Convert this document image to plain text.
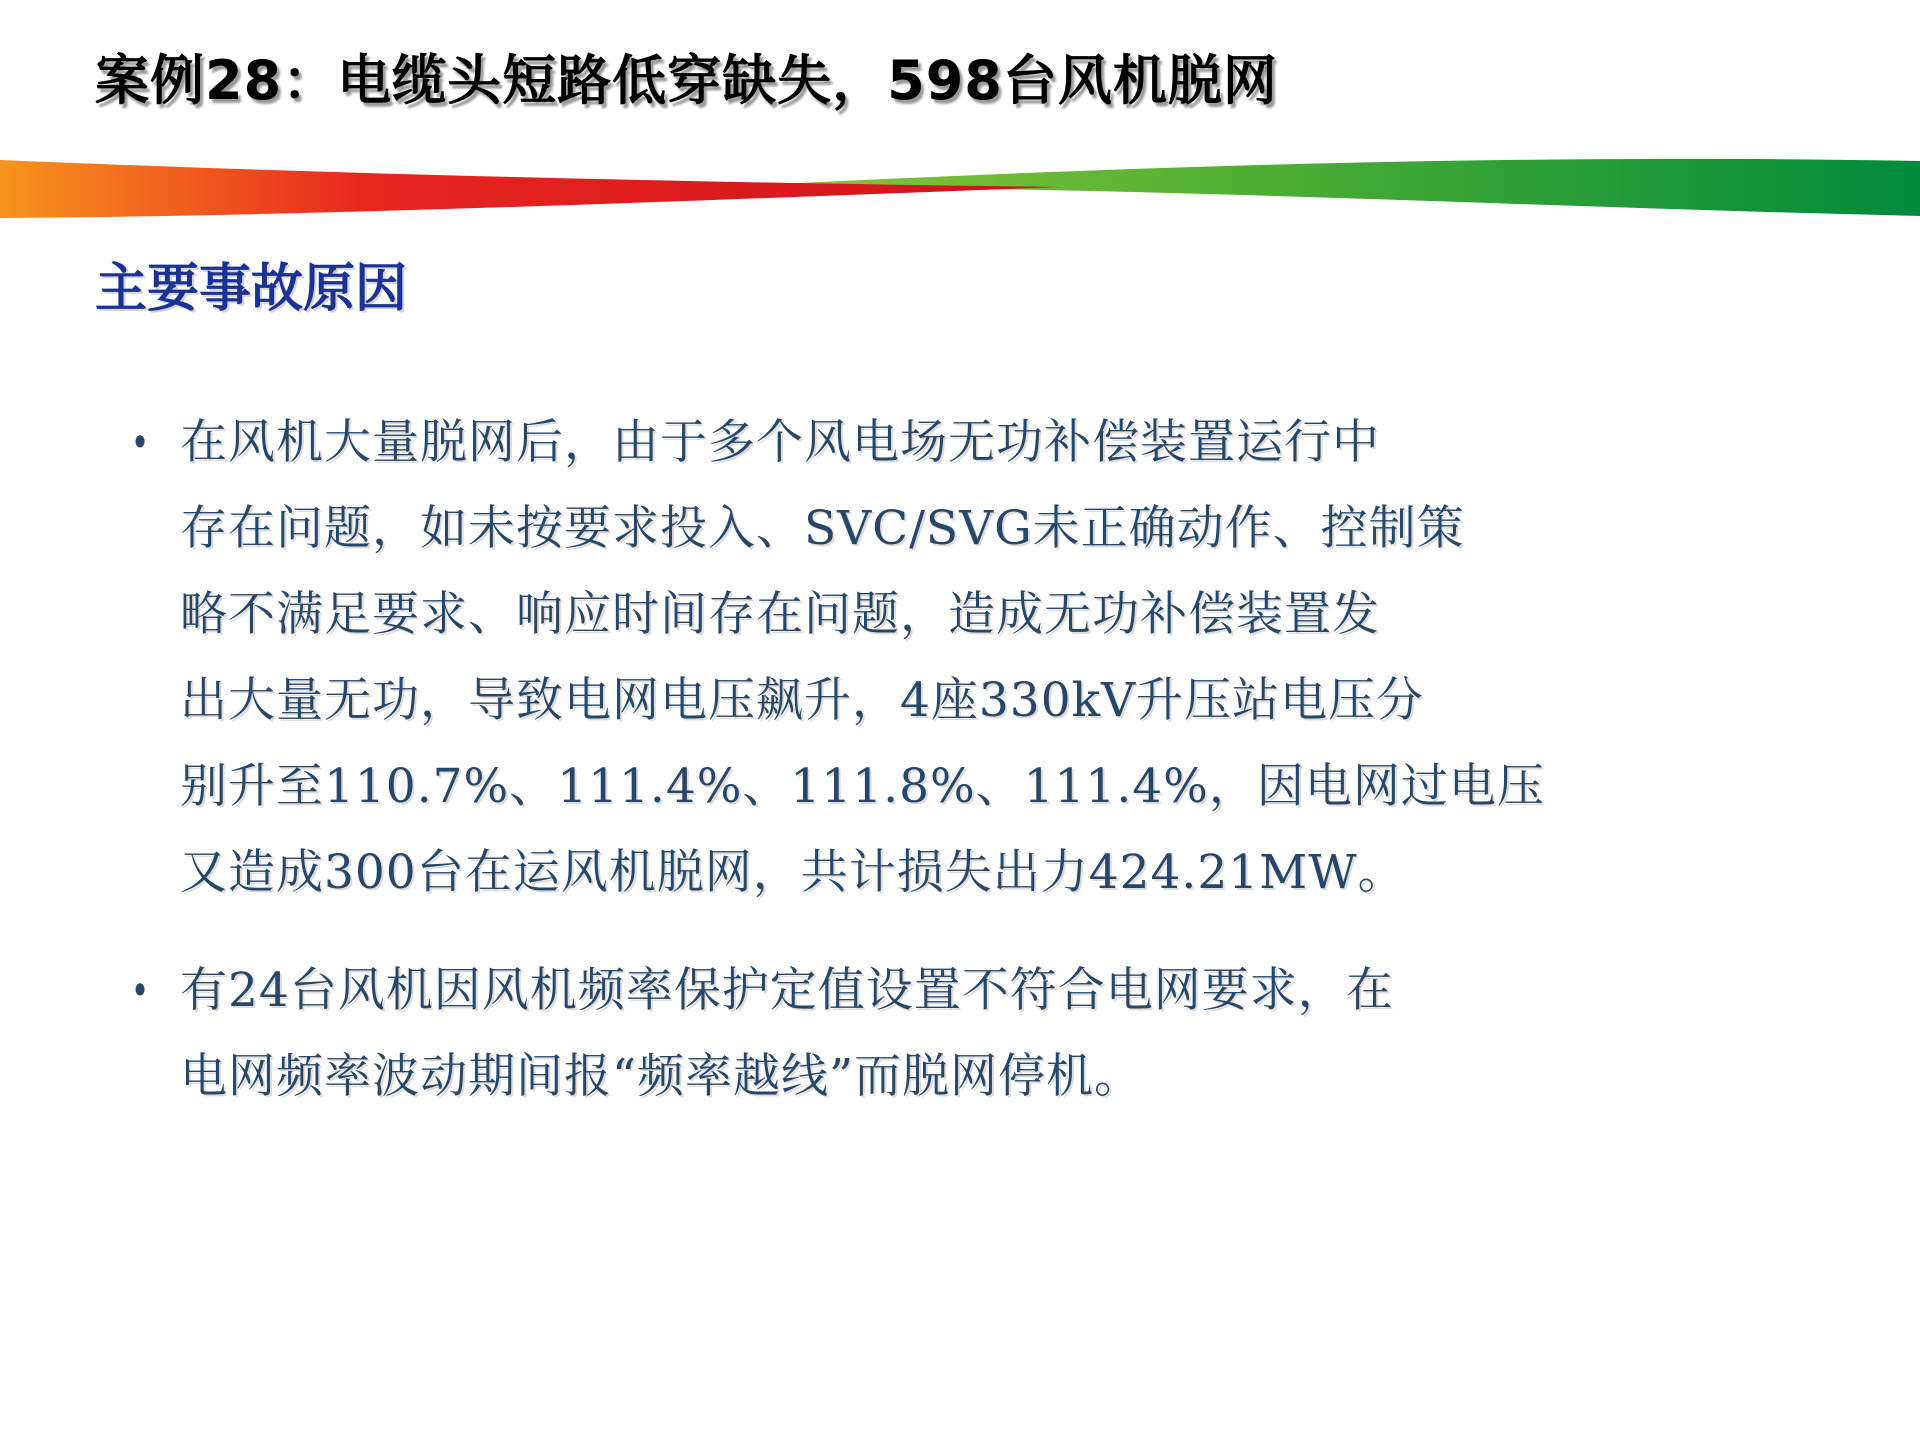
案例28：电缆头短路低穿缺失，598台风机脱网
主要事故原因
• 在风机大量脱网后，由于多个风电场无功补偿装置运行中
存在问题，如未按要求投入、SVC/SVG未正确动作、控制策
略不满足要求、响应时间存在问题，造成无功补偿装置发
出大量无功，导致电网电压飙升，4座330kV升压站电压分
别升至110.7%、111.4%、111.8%、111.4%，因电网过电压
又造成300台在运风机脱网，共计损失出力424.21MW。
• 有24台风机因风机频率保护定值设置不符合电网要求，在
电网频率波动期间报“频率越线”而脱网停机。
